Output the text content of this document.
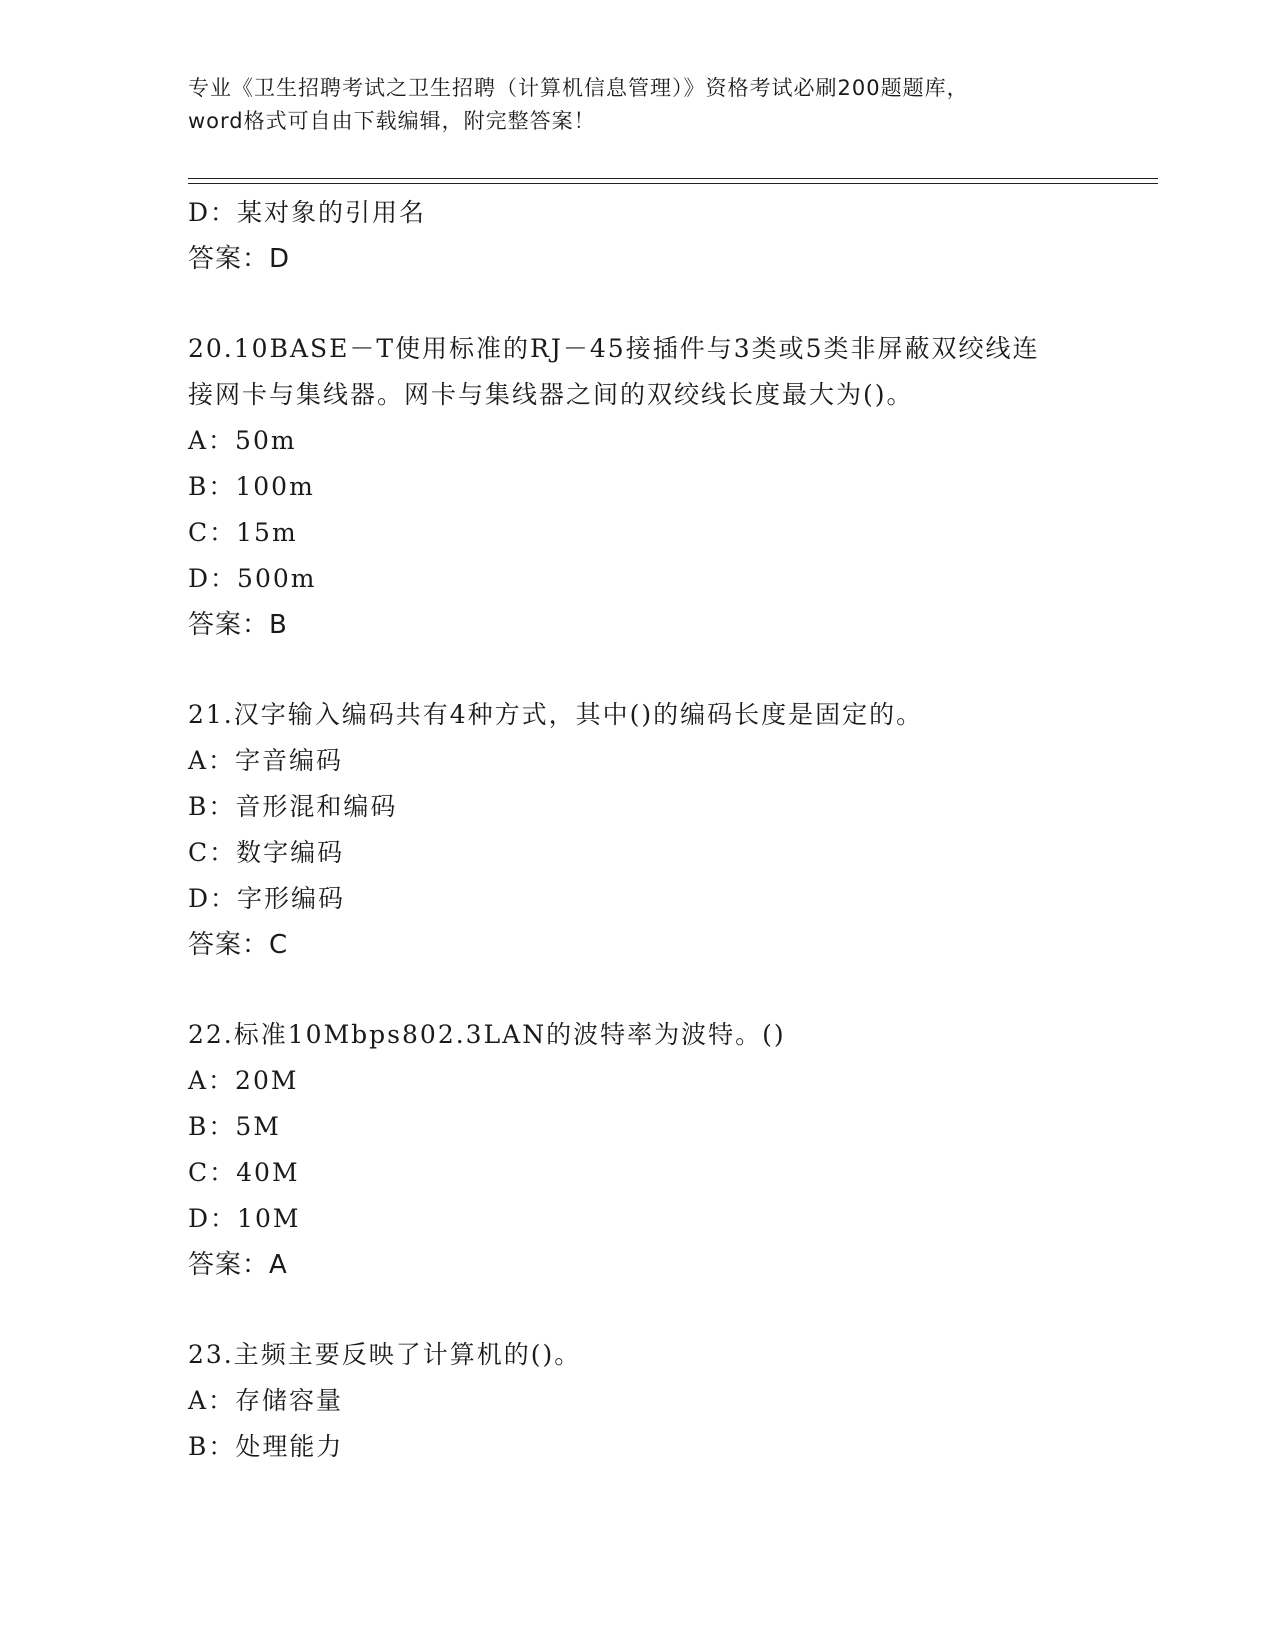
专业《卫生招聘考试之卫生招聘（计算机信息管理）》资格考试必刷200题题库，
word格式可自由下载编辑，附完整答案！
D：某对象的引用名
答案：D
20.10BASE－T使用标准的RJ－45接插件与3类或5类非屏蔽双绞线连
接网卡与集线器。网卡与集线器之间的双绞线长度最大为()。
A：50m
B：100m
C：15m
D：500m
答案：B
21.汉字输入编码共有4种方式，其中()的编码长度是固定的。
A：字音编码
B：音形混和编码
C：数字编码
D：字形编码
答案：C
22.标准10Mbps802.3LAN的波特率为波特。()
A：20M
B：5M
C：40M
D：10M
答案：A
23.主频主要反映了计算机的()。
A：存储容量
B：处理能力
